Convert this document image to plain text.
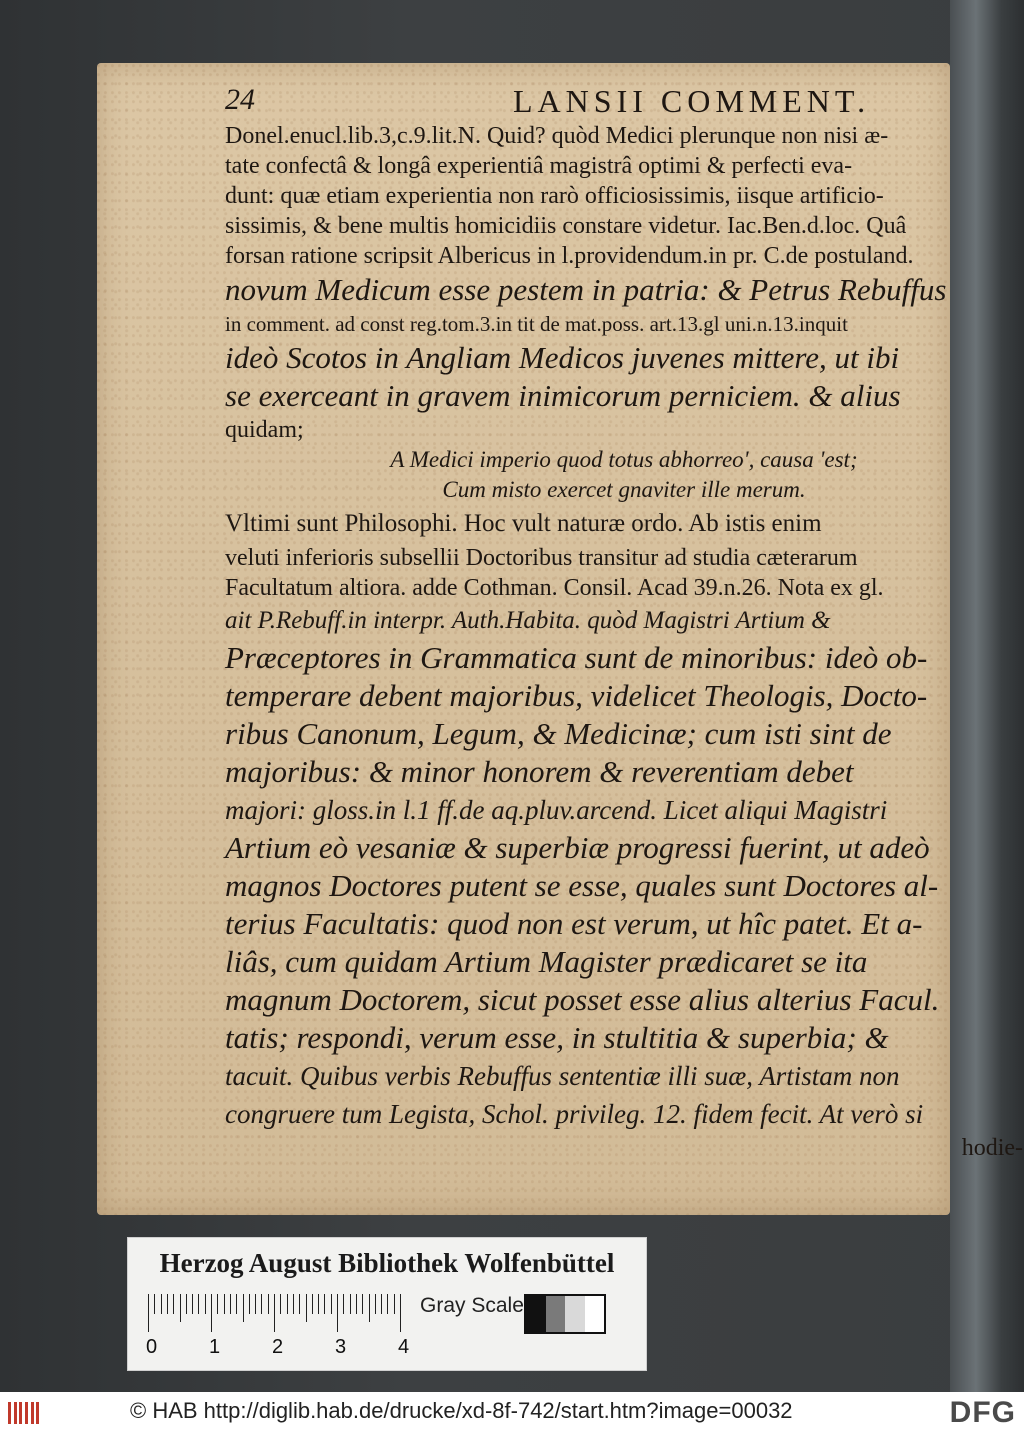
24	LANSII COMMENT.

Donel.enucl.lib.3,c.9.lit.N. Quid? quòd Medici plerunque non nisi æ-

tate confectâ & longâ experientiâ magistrâ optimi & perfecti eva-

dunt: quæ etiam experientia non rarò officiosissimis, iisque artificio-

sissimis, & bene multis homicidiis constare videtur. Iac.Ben.d.loc. Quâ

forsan ratione scripsit Albericus in l.providendum.in pr. C.de postuland.

novum Medicum esse pestem in patria: & Petrus Rebuffus

in comment. ad const reg.tom.3.in tit de mat.poss. art.13.gl uni.n.13.inquit

ideò Scotos in Angliam Medicos juvenes mittere, ut ibi

se exerceant in gravem inimicorum perniciem. & alius

quidam;

A Medici imperio quod totus abhorreo', causa 'est;

Cum misto exercet gnaviter ille merum.

Vltimi sunt Philosophi. Hoc vult naturæ ordo. Ab istis enim

veluti inferioris subsellii Doctoribus transitur ad studia cæterarum

Facultatum altiora. adde Cothman. Consil. Acad 39.n.26. Nota ex gl.

ait P.Rebuff.in interpr. Auth.Habita. quòd Magistri Artium &

Præceptores in Grammatica sunt de minoribus: ideò ob-

temperare debent majoribus, videlicet Theologis, Docto-

ribus Canonum, Legum, & Medicinæ; cum isti sint de

majoribus: & minor honorem & reverentiam debet

majori: gloss.in l.1 ff.de aq.pluv.arcend. Licet aliqui Magistri

Artium eò vesaniæ & superbiæ progressi fuerint, ut adeò

magnos Doctores putent se esse, quales sunt Doctores al-

terius Facultatis: quod non est verum, ut hîc patet. Et a-

liâs, cum quidam Artium Magister prædicaret se ita

magnum Doctorem, sicut posset esse alius alterius Facul.

tatis; respondi, verum esse, in stultitia & superbia; &

tacuit. Quibus verbis Rebuffus sententiæ illi suæ, Artistam non

congruere tum Legista, Schol. privileg. 12. fidem fecit. At verò si

hodie-

Herzog August Bibliothek Wolfenbüttel
0	1	2	3	4
Gray Scale
© HAB http://diglib.hab.de/drucke/xd-8f-742/start.htm?image=00032	DFG
